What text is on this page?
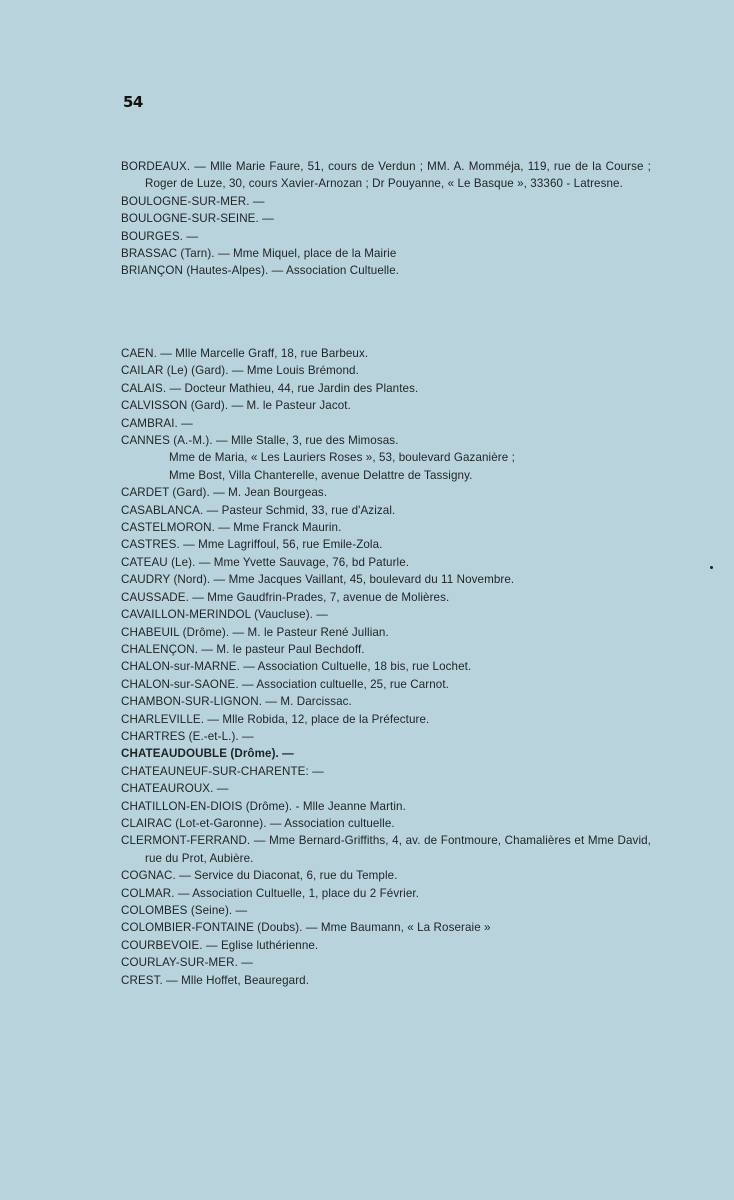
54

BORDEAUX. — Mlle Marie Faure, 51, cours de Verdun ; MM. A. Momméja, 119, rue de la Course ; Roger de Luze, 30, cours Xavier-Arnozan ; Dr Pouyanne, « Le Basque », 33360 - Latresne.

BOULOGNE-SUR-MER. —

BOULOGNE-SUR-SEINE. —

BOURGES. —

BRASSAC (Tarn). — Mme Miquel, place de la Mairie

BRIANÇON (Hautes-Alpes). — Association Cultuelle.

CAEN. — Mlle Marcelle Graff, 18, rue Barbeux.

CAILAR (Le) (Gard). — Mme Louis Brémond.

CALAIS. — Docteur Mathieu, 44, rue Jardin des Plantes.

CALVISSON (Gard). — M. le Pasteur Jacot.

CAMBRAI. —

CANNES (A.-M.). — Mlle Stalle, 3, rue des Mimosas.
Mme de Maria, « Les Lauriers Roses », 53, boulevard Gazanière ;
Mme Bost, Villa Chanterelle, avenue Delattre de Tassigny.

CARDET (Gard). — M. Jean Bourgeas.

CASABLANCA. — Pasteur Schmid, 33, rue d'Azizal.

CASTELMORON. — Mme Franck Maurin.

CASTRES. — Mme Lagriffoul, 56, rue Emile-Zola.

CATEAU (Le). — Mme Yvette Sauvage, 76, bd Paturle.

CAUDRY (Nord). — Mme Jacques Vaillant, 45, boulevard du 11 Novembre.

CAUSSADE. — Mme Gaudfrin-Prades, 7, avenue de Molières.

CAVAILLON-MERINDOL (Vaucluse). —

CHABEUIL (Drôme). — M. le Pasteur René Jullian.

CHALENÇON. — M. le pasteur Paul Bechdoff.

CHALON-sur-MARNE. — Association Cultuelle, 18 bis, rue Lochet.

CHALON-sur-SAONE. — Association cultuelle, 25, rue Carnot.

CHAMBON-SUR-LIGNON. — M. Darcissac.

CHARLEVILLE. — Mlle Robida, 12, place de la Préfecture.

CHARTRES (E.-et-L.). —

CHATEAUDOUBLE (Drôme). —

CHATEAUNEUF-SUR-CHARENTE: —

CHATEAUROUX. —

CHATILLON-EN-DIOIS (Drôme). - Mlle Jeanne Martin.

CLAIRAC (Lot-et-Garonne). — Association cultuelle.

CLERMONT-FERRAND. — Mme Bernard-Griffiths, 4, av. de Fontmoure, Chamalières et Mme David, rue du Prot, Aubière.

COGNAC. — Service du Diaconat, 6, rue du Temple.

COLMAR. — Association Cultuelle, 1, place du 2 Février.

COLOMBES (Seine). —

COLOMBIER-FONTAINE (Doubs). — Mme Baumann, « La Roseraie »

COURBEVOIE. — Eglise luthérienne.

COURLAY-SUR-MER. —

CREST. — Mlle Hoffet, Beauregard.
